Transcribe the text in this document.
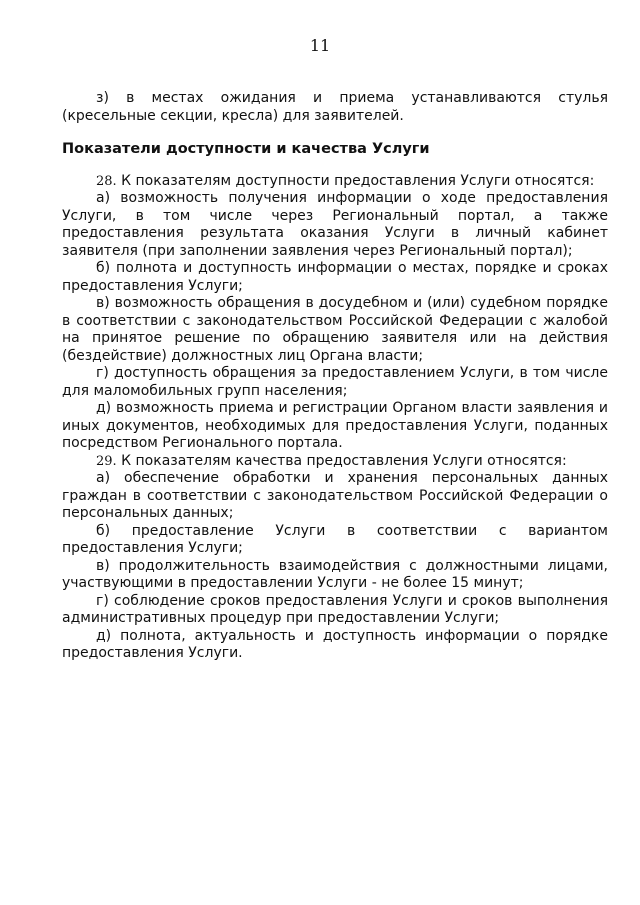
11

з) в местах ожидания и приема устанавливаются стулья (кресельные секции, кресла) для заявителей.

Показатели доступности и качества Услуги

28. К показателям доступности предоставления Услуги относятся:

а) возможность получения информации о ходе предоставления Услуги, в том числе через Региональный портал, а также предоставления результата оказания Услуги в личный кабинет заявителя (при заполнении заявления через Региональный портал);

б) полнота и доступность информации о местах, порядке и сроках предоставления Услуги;

в) возможность обращения в досудебном и (или) судебном порядке в соответствии с законодательством Российской Федерации с жалобой на принятое решение по обращению заявителя или на действия (бездействие) должностных лиц Органа власти;

г) доступность обращения за предоставлением Услуги, в том числе для маломобильных групп населения;

д) возможность приема и регистрации Органом власти заявления и иных документов, необходимых для предоставления Услуги, поданных посредством Регионального портала.

29. К показателям качества предоставления Услуги относятся:

а) обеспечение обработки и хранения персональных данных граждан в соответствии с законодательством Российской Федерации о персональных данных;

б) предоставление Услуги в соответствии с вариантом предоставления Услуги;

в) продолжительность взаимодействия с должностными лицами, участвующими в предоставлении Услуги - не более 15 минут;

г) соблюдение сроков предоставления Услуги и сроков выполнения административных процедур при предоставлении Услуги;

д) полнота, актуальность и доступность информации о порядке предоставления Услуги.
